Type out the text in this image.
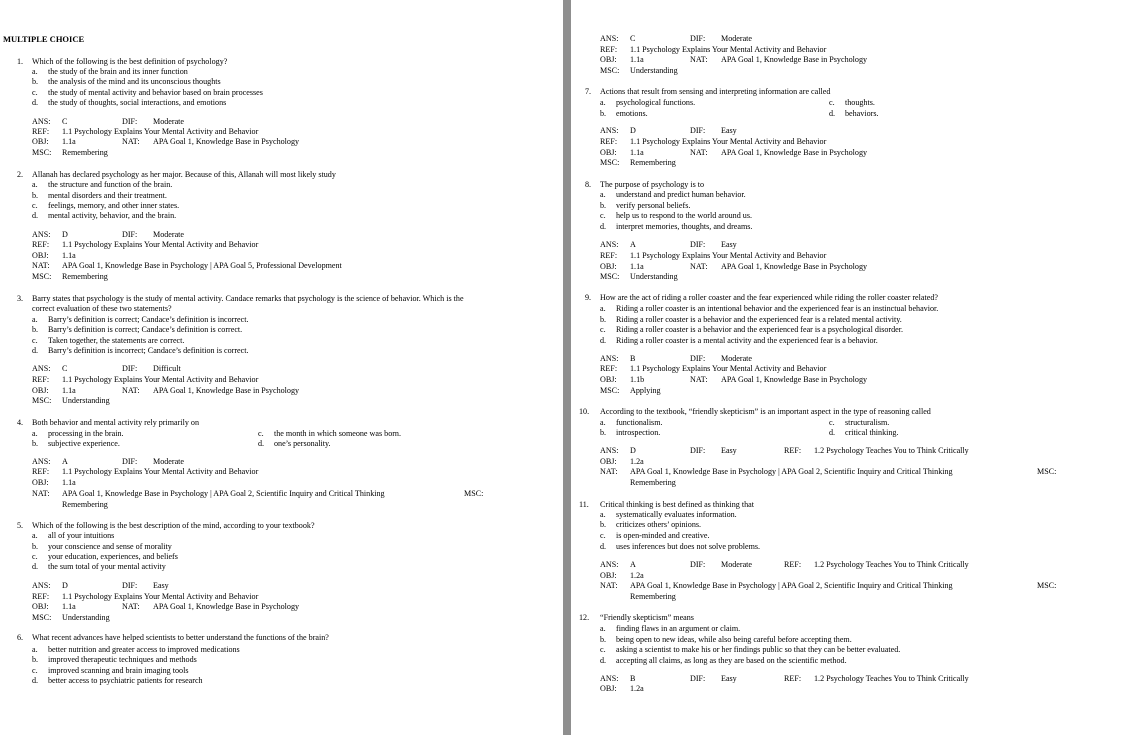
MULTIPLE CHOICE
1. Which of the following is the best definition of psychology?
a. the study of the brain and its inner function
b. the analysis of the mind and its unconscious thoughts
c. the study of mental activity and behavior based on brain processes
d. the study of thoughts, social interactions, and emotions
ANS: C	DIF: Moderate
REF: 1.1 Psychology Explains Your Mental Activity and Behavior
OBJ: 1.1a	NAT: APA Goal 1, Knowledge Base in Psychology
MSC: Remembering
2. Allanah has declared psychology as her major. Because of this, Allanah will most likely study
a. the structure and function of the brain.
b. mental disorders and their treatment.
c. feelings, memory, and other inner states.
d. mental activity, behavior, and the brain.
ANS: D	DIF: Moderate
REF: 1.1 Psychology Explains Your Mental Activity and Behavior
OBJ: 1.1a
NAT: APA Goal 1, Knowledge Base in Psychology | APA Goal 5, Professional Development
MSC: Remembering
3. Barry states that psychology is the study of mental activity. Candace remarks that psychology is the science of behavior. Which is the
correct evaluation of these two statements?
a. Barry’s definition is correct; Candace’s definition is incorrect.
b. Barry’s definition is correct; Candace’s definition is correct.
c. Taken together, the statements are correct.
d. Barry’s definition is incorrect; Candace’s definition is correct.
ANS: C	DIF: Difficult
REF: 1.1 Psychology Explains Your Mental Activity and Behavior
OBJ: 1.1a	NAT: APA Goal 1, Knowledge Base in Psychology
MSC: Understanding
4. Both behavior and mental activity rely primarily on
a. processing in the brain.	c. the month in which someone was born.
b. subjective experience.	d. one’s personality.
ANS: A	DIF: Moderate
REF: 1.1 Psychology Explains Your Mental Activity and Behavior
OBJ: 1.1a
NAT: APA Goal 1, Knowledge Base in Psychology | APA Goal 2, Scientific Inquiry and Critical Thinking	MSC:
Remembering
5. Which of the following is the best description of the mind, according to your textbook?
a. all of your intuitions
b. your conscience and sense of morality
c. your education, experiences, and beliefs
d. the sum total of your mental activity
ANS: D	DIF: Easy
REF: 1.1 Psychology Explains Your Mental Activity and Behavior
OBJ: 1.1a	NAT: APA Goal 1, Knowledge Base in Psychology
MSC: Understanding
6. What recent advances have helped scientists to better understand the functions of the brain?
a. better nutrition and greater access to improved medications
b. improved therapeutic techniques and methods
c. improved scanning and brain imaging tools
d. better access to psychiatric patients for research
ANS: C	DIF: Moderate
REF: 1.1 Psychology Explains Your Mental Activity and Behavior
OBJ: 1.1a	NAT: APA Goal 1, Knowledge Base in Psychology
MSC: Understanding
7. Actions that result from sensing and interpreting information are called
a. psychological functions.	c. thoughts.
b. emotions.	d. behaviors.
ANS: D	DIF: Easy
REF: 1.1 Psychology Explains Your Mental Activity and Behavior
OBJ: 1.1a	NAT: APA Goal 1, Knowledge Base in Psychology
MSC: Remembering
8. The purpose of psychology is to
a. understand and predict human behavior.
b. verify personal beliefs.
c. help us to respond to the world around us.
d. interpret memories, thoughts, and dreams.
ANS: A	DIF: Easy
REF: 1.1 Psychology Explains Your Mental Activity and Behavior
OBJ: 1.1a	NAT: APA Goal 1, Knowledge Base in Psychology
MSC: Understanding
9. How are the act of riding a roller coaster and the fear experienced while riding the roller coaster related?
a. Riding a roller coaster is an intentional behavior and the experienced fear is an instinctual behavior.
b. Riding a roller coaster is a behavior and the experienced fear is a related mental activity.
c. Riding a roller coaster is a behavior and the experienced fear is a psychological disorder.
d. Riding a roller coaster is a mental activity and the experienced fear is a behavior.
ANS: B	DIF: Moderate
REF: 1.1 Psychology Explains Your Mental Activity and Behavior
OBJ: 1.1b	NAT: APA Goal 1, Knowledge Base in Psychology
MSC: Applying
10. According to the textbook, “friendly skepticism” is an important aspect in the type of reasoning called
a. functionalism.	c. structuralism.
b. introspection.	d. critical thinking.
ANS: D	DIF: Easy	REF: 1.2 Psychology Teaches You to Think Critically
OBJ: 1.2a
NAT: APA Goal 1, Knowledge Base in Psychology | APA Goal 2, Scientific Inquiry and Critical Thinking	MSC:
Remembering
11. Critical thinking is best defined as thinking that
a. systematically evaluates information.
b. criticizes others’ opinions.
c. is open-minded and creative.
d. uses inferences but does not solve problems.
ANS: A	DIF: Moderate	REF: 1.2 Psychology Teaches You to Think Critically
OBJ: 1.2a
NAT: APA Goal 1, Knowledge Base in Psychology | APA Goal 2, Scientific Inquiry and Critical Thinking	MSC:
Remembering
12. “Friendly skepticism” means
a. finding flaws in an argument or claim.
b. being open to new ideas, while also being careful before accepting them.
c. asking a scientist to make his or her findings public so that they can be better evaluated.
d. accepting all claims, as long as they are based on the scientific method.
ANS: B	DIF: Easy	REF: 1.2 Psychology Teaches You to Think Critically
OBJ: 1.2a
